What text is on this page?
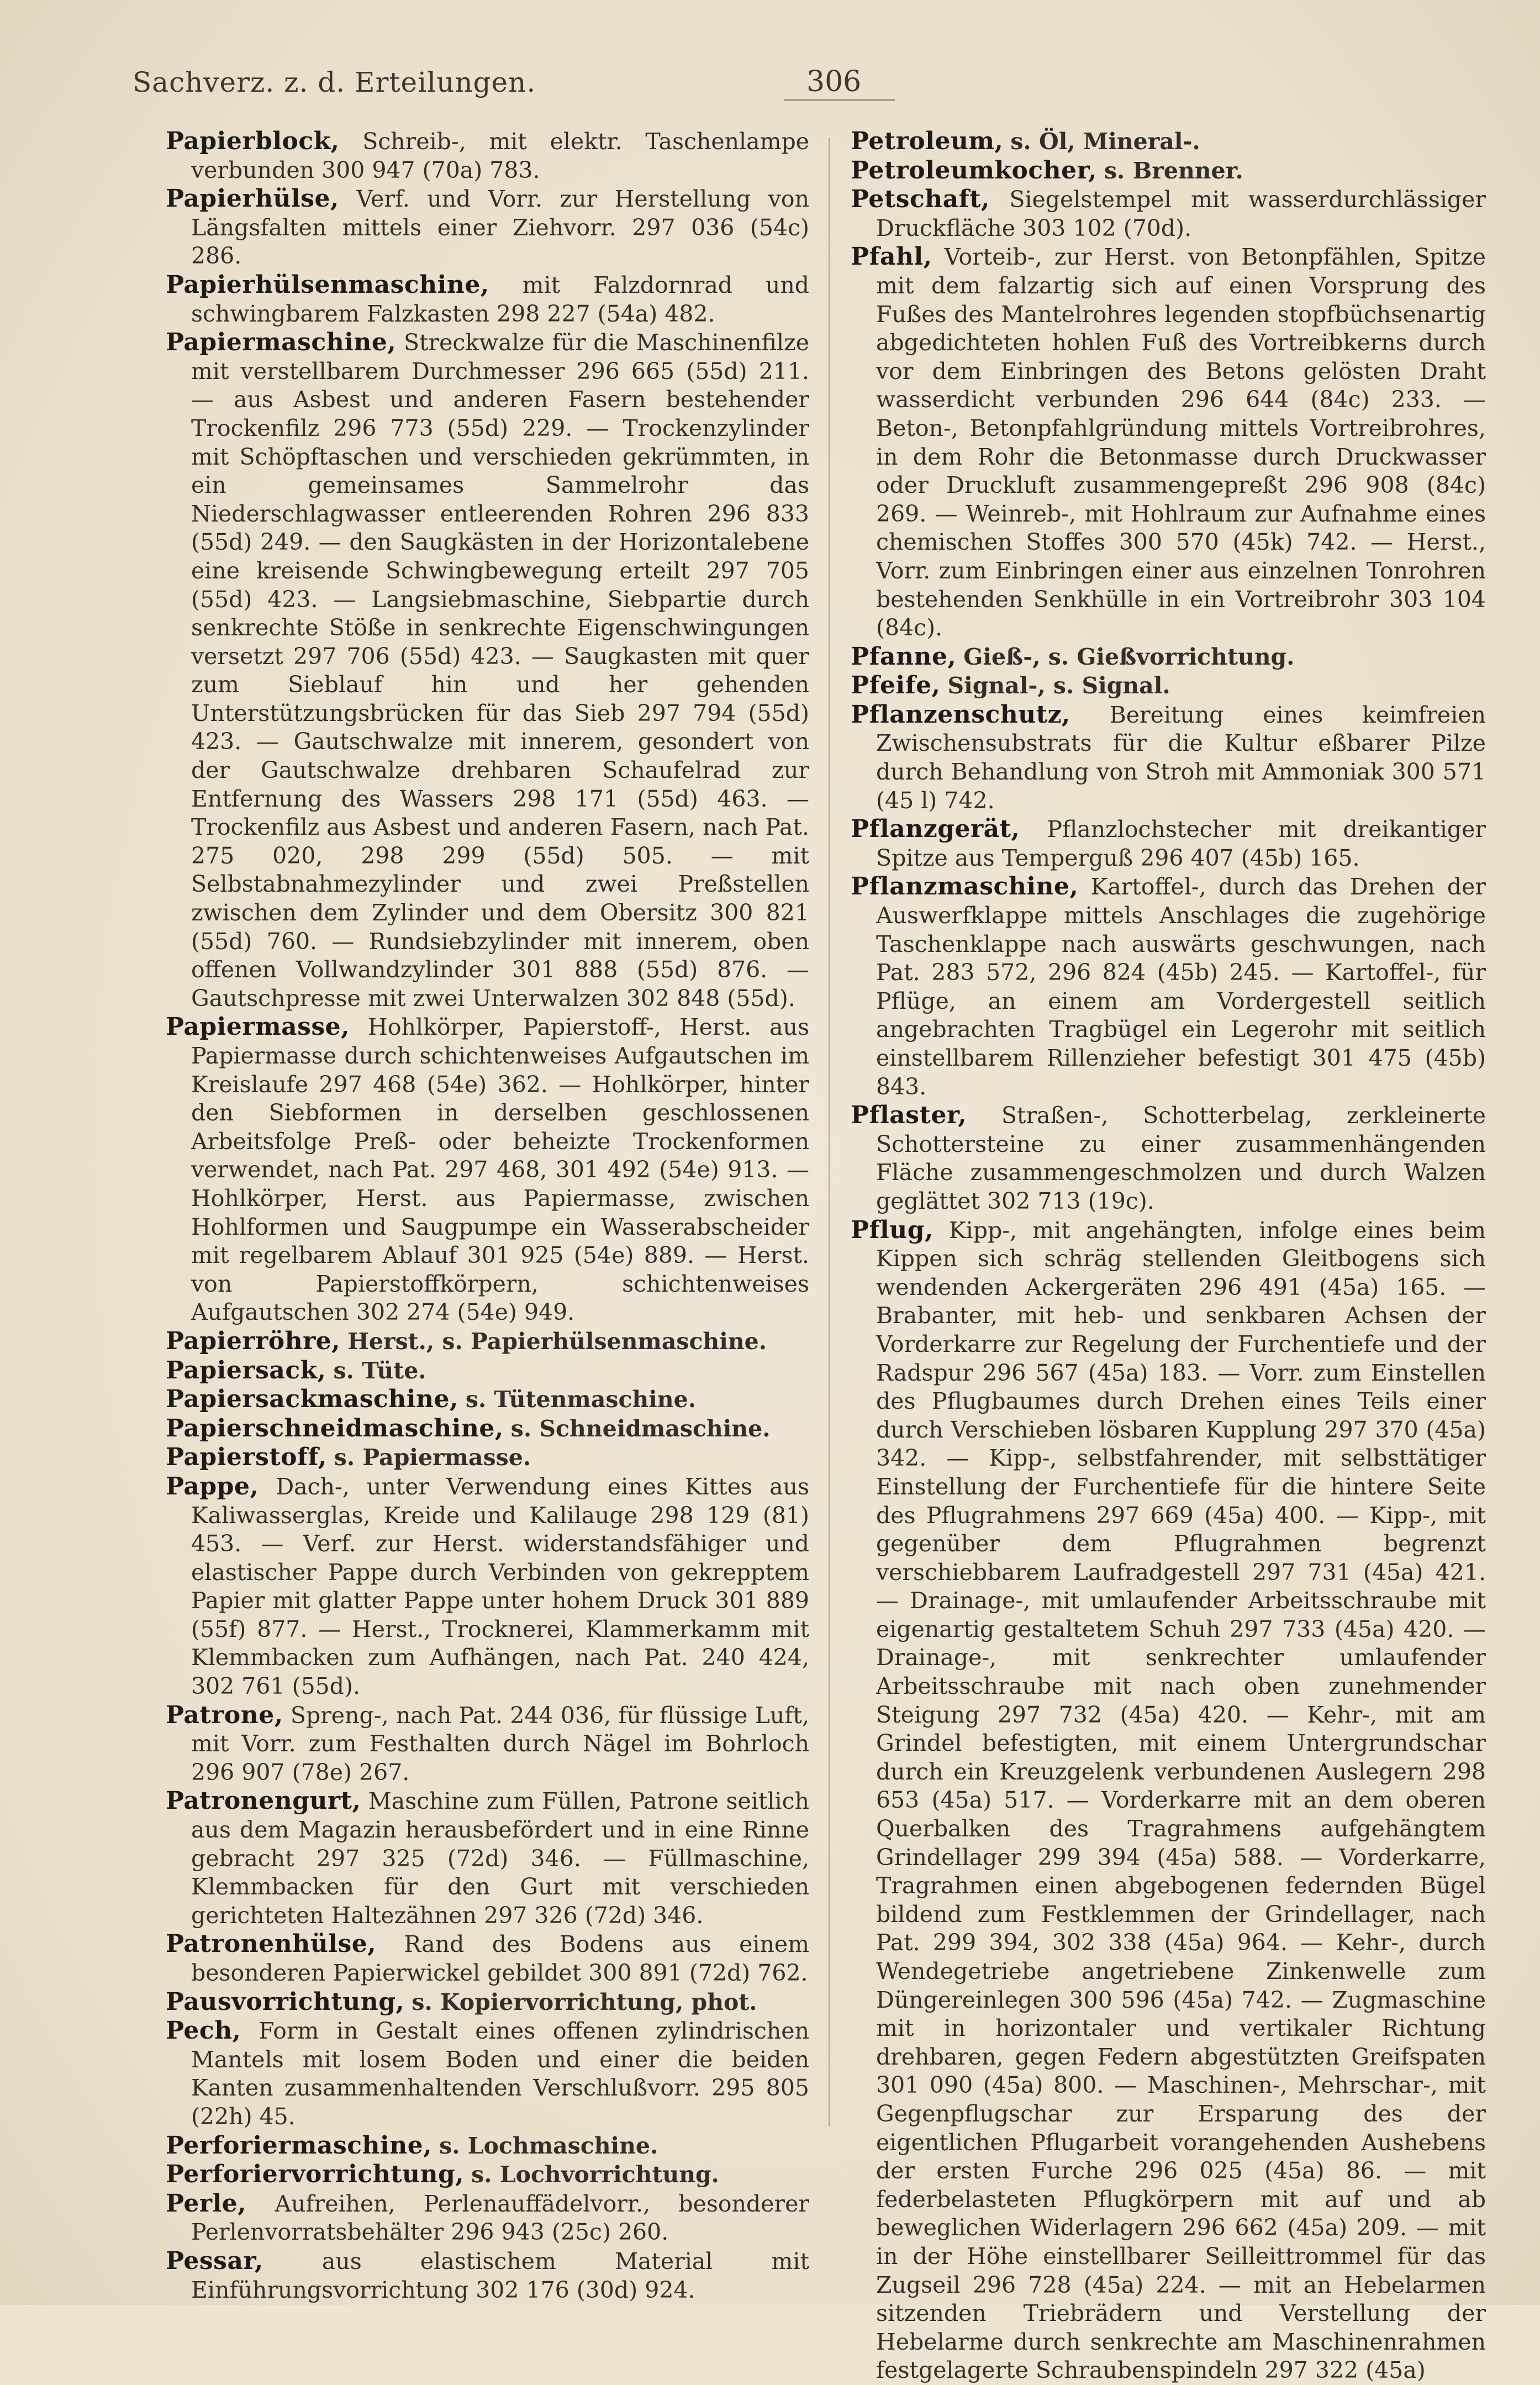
Sachverz. z. d. Erteilungen.	306

Papierblock, Schreib-, mit elektr. Taschenlampe verbunden 300 947 (70a) 783.

Papierhülse, Verf. und Vorr. zur Herstellung von Längsfalten mittels einer Ziehvorr. 297 036 (54c) 286.

Papierhülsenmaschine, mit Falzdornrad und schwingbarem Falzkasten 298 227 (54a) 482.

Papiermaschine, Streckwalze für die Maschinenfilze mit verstellbarem Durchmesser 296 665 (55d) 211. — aus Asbest und anderen Fasern bestehender Trockenfilz 296 773 (55d) 229. — Trockenzylinder mit Schöpftaschen und verschieden gekrümmten, in ein gemeinsames Sammelrohr das Niederschlagwasser entleerenden Rohren 296 833 (55d) 249. — den Saugkästen in der Horizontalebene eine kreisende Schwingbewegung erteilt 297 705 (55d) 423. — Langsiebmaschine, Siebpartie durch senkrechte Stöße in senkrechte Eigenschwingungen versetzt 297 706 (55d) 423. — Saugkasten mit quer zum Sieblauf hin und her gehenden Unterstützungsbrücken für das Sieb 297 794 (55d) 423. — Gautschwalze mit innerem, gesondert von der Gautschwalze drehbaren Schaufelrad zur Entfernung des Wassers 298 171 (55d) 463. — Trockenfilz aus Asbest und anderen Fasern, nach Pat. 275 020, 298 299 (55d) 505. — mit Selbstabnahmezylinder und zwei Preßstellen zwischen dem Zylinder und dem Obersitz 300 821 (55d) 760. — Rundsiebzylinder mit innerem, oben offenen Vollwandzylinder 301 888 (55d) 876. — Gautschpresse mit zwei Unterwalzen 302 848 (55d).

Papiermasse, Hohlkörper, Papierstoff-, Herst. aus Papiermasse durch schichtenweises Aufgautschen im Kreislaufe 297 468 (54e) 362. — Hohlkörper, hinter den Siebformen in derselben geschlossenen Arbeitsfolge Preß- oder beheizte Trockenformen verwendet, nach Pat. 297 468, 301 492 (54e) 913. — Hohlkörper, Herst. aus Papiermasse, zwischen Hohlformen und Saugpumpe ein Wasserabscheider mit regelbarem Ablauf 301 925 (54e) 889. — Herst. von Papierstoffkörpern, schichtenweises Aufgautschen 302 274 (54e) 949.

Papierröhre, Herst., s. Papierhülsenmaschine.

Papiersack, s. Tüte.

Papiersackmaschine, s. Tütenmaschine.

Papierschneidmaschine, s. Schneidmaschine.

Papierstoff, s. Papiermasse.

Pappe, Dach-, unter Verwendung eines Kittes aus Kaliwasserglas, Kreide und Kalilauge 298 129 (81) 453. — Verf. zur Herst. widerstandsfähiger und elastischer Pappe durch Verbinden von gekrepptem Papier mit glatter Pappe unter hohem Druck 301 889 (55f) 877. — Herst., Trocknerei, Klammerkamm mit Klemmbacken zum Aufhängen, nach Pat. 240 424, 302 761 (55d).

Patrone, Spreng-, nach Pat. 244 036, für flüssige Luft, mit Vorr. zum Festhalten durch Nägel im Bohrloch 296 907 (78e) 267.

Patronengurt, Maschine zum Füllen, Patrone seitlich aus dem Magazin herausbefördert und in eine Rinne gebracht 297 325 (72d) 346. — Füllmaschine, Klemmbacken für den Gurt mit verschieden gerichteten Haltezähnen 297 326 (72d) 346.

Patronenhülse, Rand des Bodens aus einem besonderen Papierwickel gebildet 300 891 (72d) 762.

Pausvorrichtung, s. Kopiervorrichtung, phot.

Pech, Form in Gestalt eines offenen zylindrischen Mantels mit losem Boden und einer die beiden Kanten zusammenhaltenden Verschlußvorr. 295 805 (22h) 45.

Perforiermaschine, s. Lochmaschine.

Perforiervorrichtung, s. Lochvorrichtung.

Perle, Aufreihen, Perlenauffädelvorr., besonderer Perlenvorratsbehälter 296 943 (25c) 260.

Pessar,	aus elastischem Material mit Einführungsvorrichtung 302 176 (30d) 924.

Petroleum, s. Öl, Mineral-.

Petroleumkocher, s. Brenner.

Petschaft, Siegelstempel mit wasserdurchlässiger Druckfläche 303 102 (70d).

Pfahl, Vorteib-, zur Herst. von Betonpfählen, Spitze mit dem falzartig sich auf einen Vorsprung des Fußes des Mantelrohres legenden stopfbüchsenartig abgedichteten hohlen Fuß des Vortreibkerns durch vor dem Einbringen des Betons gelösten Draht wasserdicht verbunden 296 644 (84c) 233. — Beton-, Betonpfahlgründung mittels Vortreibrohres, in dem Rohr die Betonmasse durch Druckwasser oder Druckluft zusammengepreßt 296 908 (84c) 269. — Weinreb-, mit Hohlraum zur Aufnahme eines chemischen Stoffes 300 570 (45k) 742. — Herst., Vorr. zum Einbringen einer aus einzelnen Tonrohren bestehenden Senkhülle in ein Vortreibrohr 303 104 (84c).

Pfanne, Gieß-, s. Gießvorrichtung.

Pfeife, Signal-, s. Signal.

Pflanzenschutz, Bereitung eines keimfreien Zwischensubstrats für die Kultur eßbarer Pilze durch Behandlung von Stroh mit Ammoniak 300 571 (45 l) 742.

Pflanzgerät, Pflanzlochstecher mit dreikantiger Spitze aus Temperguß 296 407 (45b) 165.

Pflanzmaschine, Kartoffel-, durch das Drehen der Auswerfklappe mittels Anschlages die zugehörige Taschenklappe nach auswärts geschwungen, nach Pat. 283 572, 296 824 (45b) 245. — Kartoffel-, für Pflüge, an einem am Vordergestell seitlich angebrachten Tragbügel ein Legerohr mit seitlich einstellbarem Rillenzieher befestigt 301 475 (45b) 843.

Pflaster, Straßen-, Schotterbelag, zerkleinerte Schottersteine zu einer zusammenhängenden Fläche zusammengeschmolzen und durch Walzen geglättet 302 713 (19c).

Pflug, Kipp-, mit angehängten, infolge eines beim Kippen sich schräg stellenden Gleitbogens sich wendenden Ackergeräten 296 491 (45a) 165. — Brabanter, mit heb- und senkbaren Achsen der Vorderkarre zur Regelung der Furchentiefe und der Radspur 296 567 (45a) 183. — Vorr. zum Einstellen des Pflugbaumes durch Drehen eines Teils einer durch Verschieben lösbaren Kupplung 297 370 (45a) 342. — Kipp-, selbstfahrender, mit selbsttätiger Einstellung der Furchentiefe für die hintere Seite des Pflugrahmens 297 669 (45a) 400. — Kipp-, mit gegenüber dem Pflugrahmen begrenzt verschiebbarem Laufradgestell 297 731 (45a) 421. — Drainage-, mit umlaufender Arbeitsschraube mit eigenartig gestaltetem Schuh 297 733 (45a) 420. — Drainage-, mit senkrechter umlaufender Arbeitsschraube mit nach oben zunehmender Steigung 297 732 (45a) 420. — Kehr-, mit am Grindel befestigten, mit einem Untergrundschar durch ein Kreuzgelenk verbundenen Auslegern 298 653 (45a) 517. — Vorderkarre mit an dem oberen Querbalken des Tragrahmens aufgehängtem Grindellager 299 394 (45a) 588. — Vorderkarre, Tragrahmen einen abgebogenen federnden Bügel bildend zum Festklemmen der Grindellager, nach Pat. 299 394, 302 338 (45a) 964. — Kehr-, durch Wendegetriebe angetriebene Zinkenwelle zum Düngereinlegen 300 596 (45a) 742. — Zugmaschine mit in horizontaler und vertikaler Richtung drehbaren, gegen Federn abgestützten Greifspaten 301 090 (45a) 800. — Maschinen-, Mehrschar-, mit Gegenpflugschar zur Ersparung des der eigentlichen Pflugarbeit vorangehenden Aushebens der ersten Furche 296 025 (45a) 86. — mit federbelasteten Pflugkörpern mit auf und ab beweglichen Widerlagern 296 662 (45a) 209. — mit in der Höhe einstellbarer Seilleittrommel für das Zugseil 296 728 (45a) 224. — mit an Hebelarmen sitzenden Triebrädern und Verstellung der Hebelarme durch senkrechte am Maschinenrahmen festgelagerte Schraubenspindeln 297 322 (45a)
